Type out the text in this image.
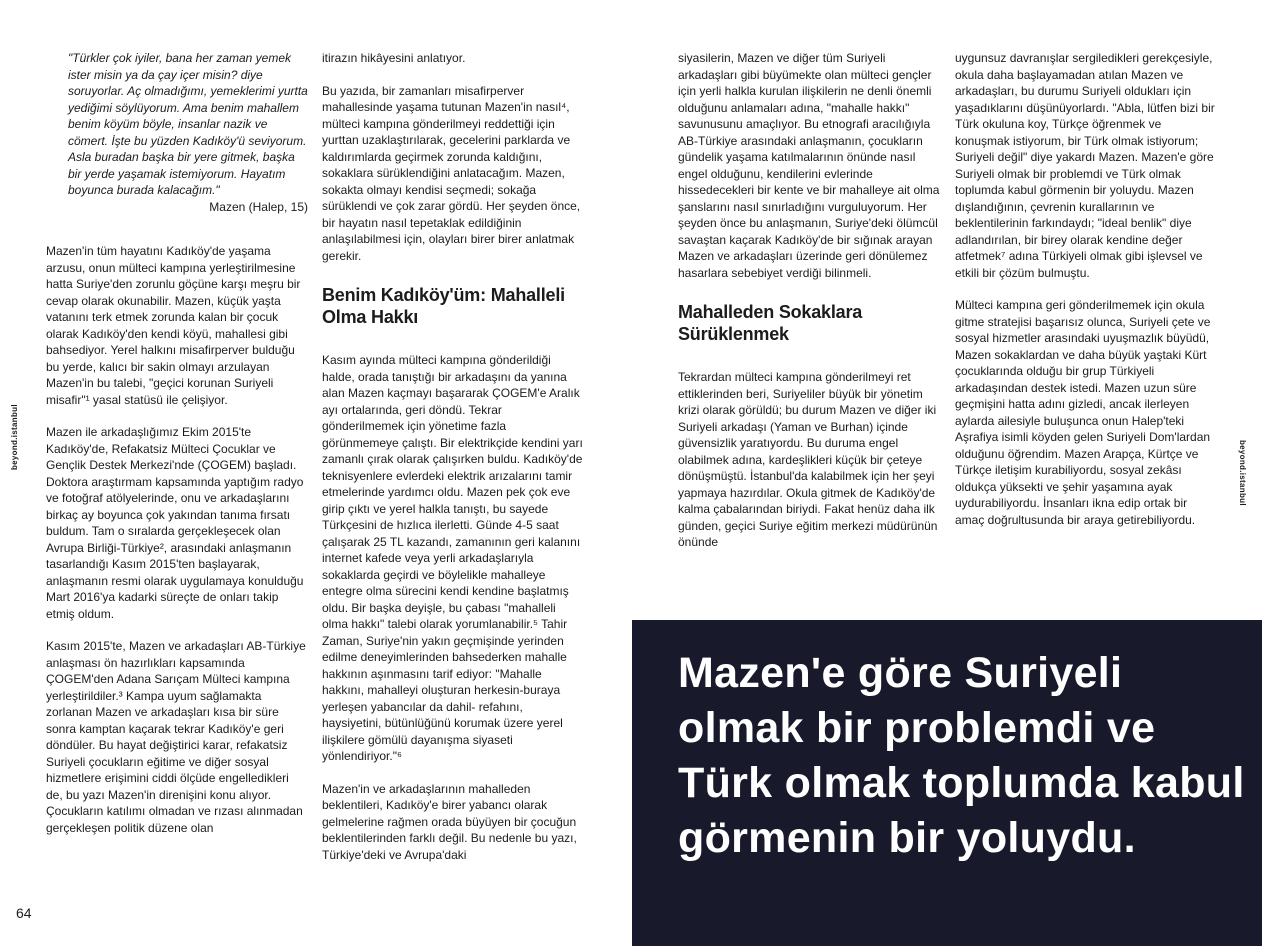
beyond.istanbul
beyond.istanbul

"Türkler çok iyiler, bana her zaman yemek ister misin ya da çay içer misin? diye soruyorlar. Aç olmadığımı, yemeklerimi yurtta yediğimi söylüyorum. Ama benim mahallem benim köyüm böyle, insanlar nazik ve cömert. İşte bu yüzden Kadıköy'ü seviyorum. Asla buradan başka bir yere gitmek, başka bir yerde yaşamak istemiyorum. Hayatım boyunca burada kalacağım."

Mazen (Halep, 15)

Mazen'in tüm hayatını Kadıköy'de yaşama arzusu, onun mülteci kampına yerleştirilmesine hatta Suriye'den zorunlu göçüne karşı meşru bir cevap olarak okunabilir. Mazen, küçük yaşta vatanını terk etmek zorunda kalan bir çocuk olarak Kadıköy'den kendi köyü, mahallesi gibi bahsediyor. Yerel halkını misafirperver bulduğu bu yerde, kalıcı bir sakin olmayı arzulayan Mazen'in bu talebi, "geçici korunan Suriyeli misafir"¹ yasal statüsü ile çelişiyor.

Mazen ile arkadaşlığımız Ekim 2015'te Kadıköy'de, Refakatsiz Mülteci Çocuklar ve Gençlik Destek Merkezi'nde (ÇOGEM) başladı. Doktora araştırmam kapsamında yaptığım radyo ve fotoğraf atölyelerinde, onu ve arkadaşlarını birkaç ay boyunca çok yakından tanıma fırsatı buldum. Tam o sıralarda gerçekleşecek olan Avrupa Birliği-Türkiye², arasındaki anlaşmanın tasarlandığı Kasım 2015'ten başlayarak, anlaşmanın resmi olarak uygulamaya konulduğu Mart 2016'ya kadarki süreçte de onları takip etmiş oldum.

Kasım 2015'te, Mazen ve arkadaşları AB-Türkiye anlaşması ön hazırlıkları kapsamında ÇOGEM'den Adana Sarıçam Mülteci kampına yerleştirildiler.³ Kampa uyum sağlamakta zorlanan Mazen ve arkadaşları kısa bir süre sonra kamptan kaçarak tekrar Kadıköy'e geri döndüler. Bu hayat değiştirici karar, refakatsiz Suriyeli çocukların eğitime ve diğer sosyal hizmetlere erişimini ciddi ölçüde engelledikleri de, bu yazı Mazen'in direnişini konu alıyor. Çocukların katılımı olmadan ve rızası alınmadan gerçekleşen politik düzene olan

itirazın hikâyesini anlatıyor.

Bu yazıda, bir zamanları misafirperver mahallesinde yaşama tutunan Mazen'in nasıl⁴, mülteci kampına gönderilmeyi reddettiği için yurttan uzaklaştırılarak, gecelerini parklarda ve kaldırımlarda geçirmek zorunda kaldığını, sokaklara sürüklendiğini anlatacağım. Mazen, sokakta olmayı kendisi seçmedi; sokağa sürüklendi ve çok zarar gördü. Her şeyden önce, bir hayatın nasıl tepetaklak edildiğinin anlaşılabilmesi için, olayları birer birer anlatmak gerekir.

Benim Kadıköy'üm: Mahalleli Olma Hakkı

Kasım ayında mülteci kampına gönderildiği halde, orada tanıştığı bir arkadaşını da yanına alan Mazen kaçmayı başararak ÇOGEM'e Aralık ayı ortalarında, geri döndü. Tekrar gönderilmemek için yönetime fazla görünmemeye çalıştı. Bir elektrikçide kendini yarı zamanlı çırak olarak çalışırken buldu. Kadıköy'de teknisyenlere evlerdeki elektrik arızalarını tamir etmelerinde yardımcı oldu. Mazen pek çok eve girip çıktı ve yerel halkla tanıştı, bu sayede Türkçesini de hızlıca ilerletti. Günde 4-5 saat çalışarak 25 TL kazandı, zamanının geri kalanını internet kafede veya yerli arkadaşlarıyla sokaklarda geçirdi ve böylelikle mahalleye entegre olma sürecini kendi kendine başlatmış oldu. Bir başka deyişle, bu çabası "mahalleli olma hakkı" talebi olarak yorumlanabilir.⁵ Tahir Zaman, Suriye'nin yakın geçmişinde yerinden edilme deneyimlerinden bahsederken mahalle hakkının aşınmasını tarif ediyor: "Mahalle hakkını, mahalleyi oluşturan herkesin-buraya yerleşen yabancılar da dahil- refahını, haysiyetini, bütünlüğünü korumak üzere yerel ilişkilere gömülü dayanışma siyaseti yönlendiriyor."⁶

Mazen'in ve arkadaşlarının mahalleden beklentileri, Kadıköy'e birer yabancı olarak gelmelerine rağmen orada büyüyen bir çocuğun beklentilerinden farklı değil. Bu nedenle bu yazı, Türkiye'deki ve Avrupa'daki

siyasilerin, Mazen ve diğer tüm Suriyeli arkadaşları gibi büyümekte olan mülteci gençler için yerli halkla kurulan ilişkilerin ne denli önemli olduğunu anlamaları adına, "mahalle hakkı" savunusunu amaçlıyor. Bu etnografi aracılığıyla AB-Türkiye arasındaki anlaşmanın, çocukların gündelik yaşama katılmalarının önünde nasıl engel olduğunu, kendilerini evlerinde hissedecekleri bir kente ve bir mahalleye ait olma şanslarını nasıl sınırladığını vurguluyorum. Her şeyden önce bu anlaşmanın, Suriye'deki ölümcül savaştan kaçarak Kadıköy'de bir sığınak arayan Mazen ve arkadaşları üzerinde geri dönülemez hasarlara sebebiyet verdiği bilinmeli.

Mahalleden Sokaklara Sürüklenmek

Tekrardan mülteci kampına gönderilmeyi ret ettiklerinden beri, Suriyeliler büyük bir yönetim krizi olarak görüldü; bu durum Mazen ve diğer iki Suriyeli arkadaşı (Yaman ve Burhan) içinde güvensizlik yaratıyordu. Bu duruma engel olabilmek adına, kardeşlikleri küçük bir çeteye dönüşmüştü. İstanbul'da kalabilmek için her şeyi yapmaya hazırdılar. Okula gitmek de Kadıköy'de kalma çabalarından biriydi. Fakat henüz daha ilk günden, geçici Suriye eğitim merkezi müdürünün önünde

uygunsuz davranışlar sergiledikleri gerekçesiyle, okula daha başlayamadan atılan Mazen ve arkadaşları, bu durumu Suriyeli oldukları için yaşadıklarını düşünüyorlardı. "Abla, lütfen bizi bir Türk okuluna koy, Türkçe öğrenmek ve konuşmak istiyorum, bir Türk olmak istiyorum; Suriyeli değil" diye yakardı Mazen. Mazen'e göre Suriyeli olmak bir problemdi ve Türk olmak toplumda kabul görmenin bir yoluydu. Mazen dışlandığının, çevrenin kurallarının ve beklentilerinin farkındaydı; "ideal benlik" diye adlandırılan, bir birey olarak kendine değer atfetmek⁷ adına Türkiyeli olmak gibi işlevsel ve etkili bir çözüm bulmuştu.

Mülteci kampına geri gönderilmemek için okula gitme stratejisi başarısız olunca, Suriyeli çete ve sosyal hizmetler arasındaki uyuşmazlık büyüdü, Mazen sokaklardan ve daha büyük yaştaki Kürt çocuklarında olduğu bir grup Türkiyeli arkadaşından destek istedi. Mazen uzun süre geçmişini hatta adını gizledi, ancak ilerleyen aylarda ailesiyle buluşunca onun Halep'teki Aşrafiya isimli köyden gelen Suriyeli Dom'lardan olduğunu öğrendim. Mazen Arapça, Kürtçe ve Türkçe iletişim kurabiliyordu, sosyal zekâsı oldukça yüksekti ve şehir yaşamına ayak uydurabiliyordu. İnsanları ikna edip ortak bir amaç doğrultusunda bir araya getirebiliyordu.

Mazen'e göre Suriyeli olmak bir problemdi ve Türk olmak toplumda kabul görmenin bir yoluydu.
64
